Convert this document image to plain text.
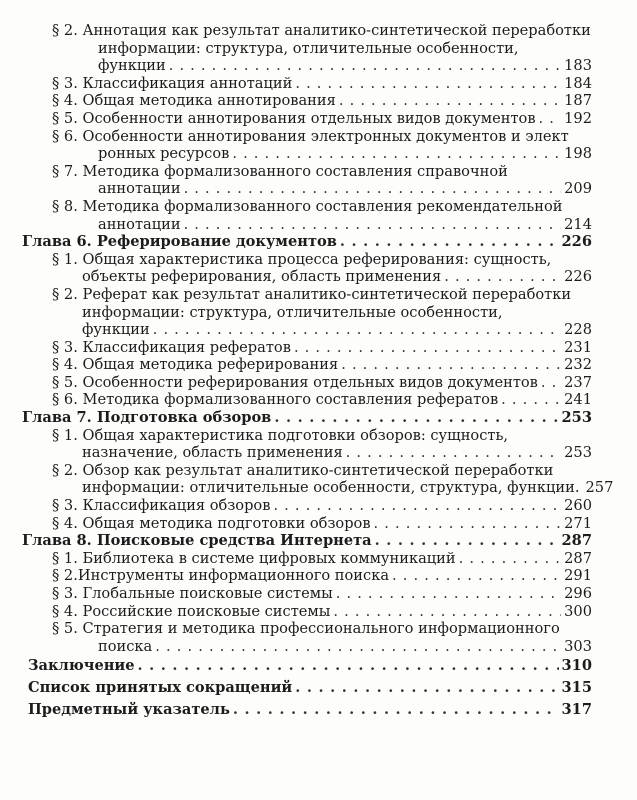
§ 2. Аннотация как результат аналитико-синтетической переработки
информации: структура, отличительные особенности,
функции . . .	183
§ 3. Классификация аннотаций . . .	184
§ 4. Общая методика аннотирования . . .	187
§ 5. Особенности аннотирования отдельных видов документов . . . 192
§ 6. Особенности аннотирования электронных документов и элект
ронных ресурсов . . .	198
§ 7. Методика формализованного составления справочной
аннотации . . .	209
§ 8. Методика формализованного составления рекомендательной
аннотации . . .	214
Глава 6. Реферирование документов . . .	226
§ 1. Общая характеристика процесса реферирования: сущность,
объекты реферирования, область применения . . .	226
§ 2. Реферат как результат аналитико-синтетической переработки
информации: структура, отличительные особенности,
функции . . .	228
§ 3. Классификация рефератов . . .	231
§ 4. Общая методика реферирования . . .	232
§ 5. Особенности реферирования отдельных видов документов . . . 237
§ 6. Методика формализованного составления рефератов . . .	241
Глава 7. Подготовка обзоров . . .	253
§ 1. Общая характеристика подготовки обзоров: сущность,
назначение, область применения . . .	253
§ 2. Обзор как результат аналитико-синтетической переработки
информации: отличительные особенности, структура, функции. 257
§ 3. Классификация обзоров . . .	260
§ 4. Общая методика подготовки обзоров . . .	271
Глава 8. Поисковые средства Интернета . . .	287
§ 1. Библиотека в системе цифровых коммуникаций . . .	287
§ 2.Инструменты информационного поиска . . .	291
§ 3. Глобальные поисковые системы . . .	296
§ 4. Российские поисковые системы . . .	300
§ 5. Стратегия и методика профессионального информационного
поиска . . .	303
Заключение . . .	310
Список принятых сокращений . . .	315
Предметный указатель . . .	317
